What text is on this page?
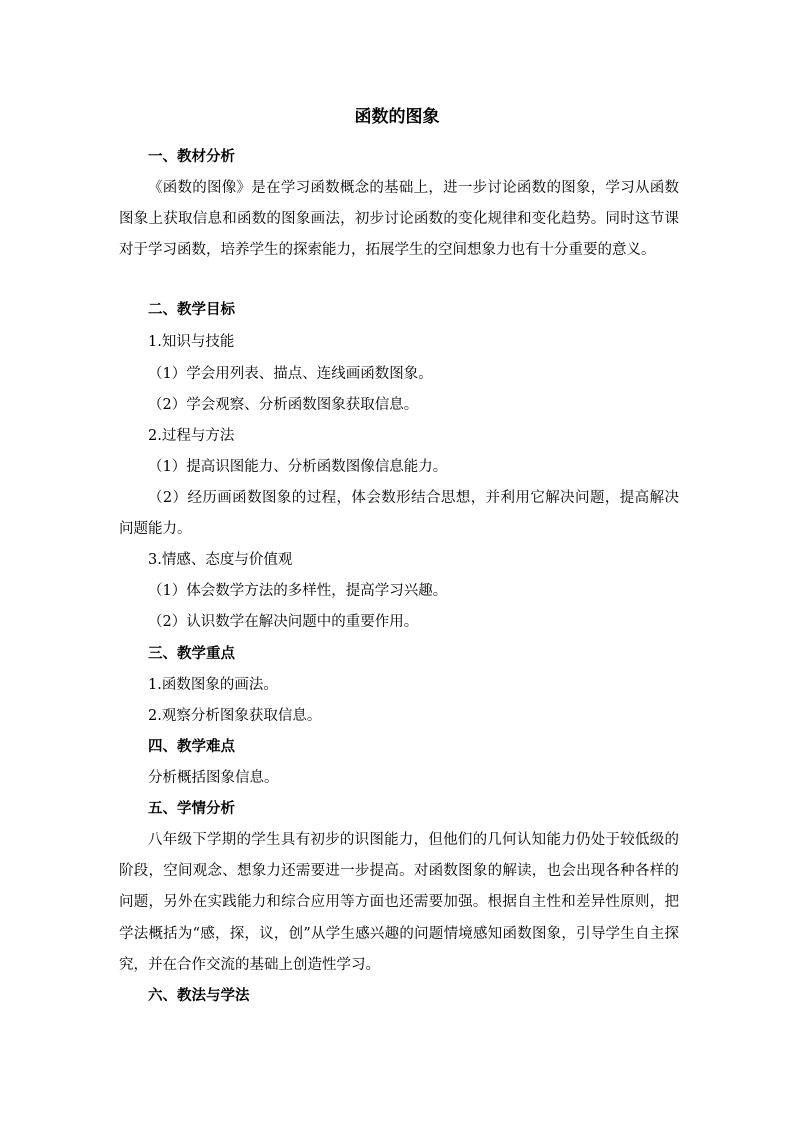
函数的图象
一、教材分析
《函数的图像》是在学习函数概念的基础上，进一步讨论函数的图象，学习从函数图象上获取信息和函数的图象画法，初步讨论函数的变化规律和变化趋势。同时这节课对于学习函数，培养学生的探索能力，拓展学生的空间想象力也有十分重要的意义。
二、教学目标
1.知识与技能
（1）学会用列表、描点、连线画函数图象。
（2）学会观察、分析函数图象获取信息。
2.过程与方法
（1）提高识图能力、分析函数图像信息能力。
（2）经历画函数图象的过程，体会数形结合思想，并利用它解决问题，提高解决问题能力。
3.情感、态度与价值观
（1）体会数学方法的多样性，提高学习兴趣。
（2）认识数学在解决问题中的重要作用。
三、教学重点
1.函数图象的画法。
2.观察分析图象获取信息。
四、教学难点
分析概括图象信息。
五、学情分析
八年级下学期的学生具有初步的识图能力，但他们的几何认知能力仍处于较低级的阶段，空间观念、想象力还需要进一步提高。对函数图象的解读，也会出现各种各样的问题，另外在实践能力和综合应用等方面也还需要加强。根据自主性和差异性原则，把学法概括为“感，探，议，创”从学生感兴趣的问题情境感知函数图象，引导学生自主探究，并在合作交流的基础上创造性学习。
六、教法与学法
